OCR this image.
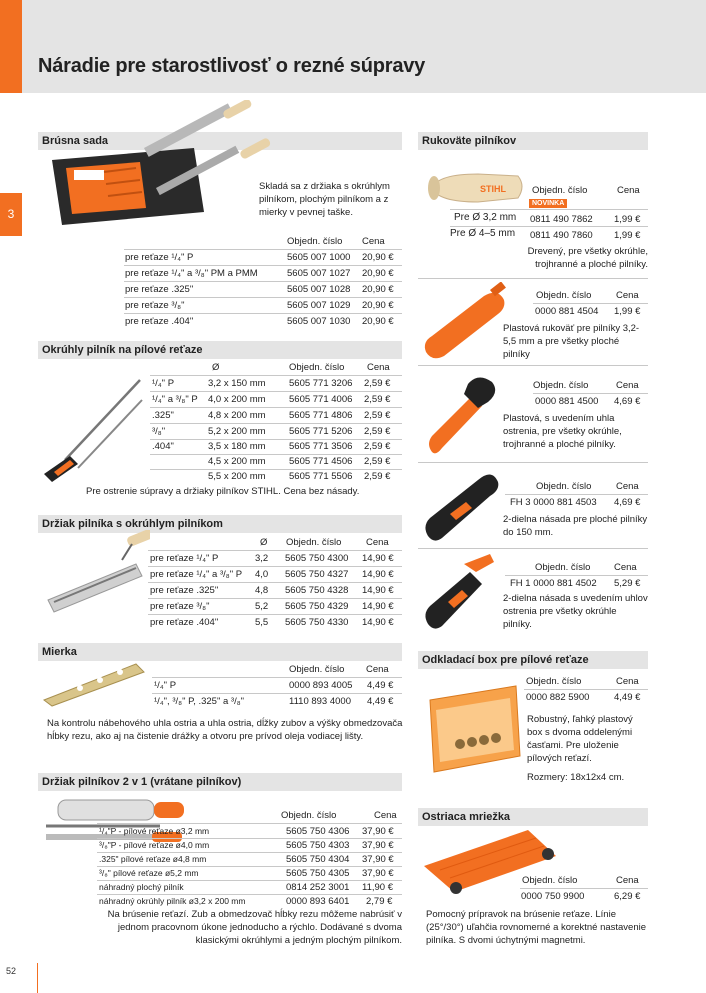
Náradie pre starostlivosť o rezné súpravy
3
52
Brúsna sada
Skladá sa z držiaka s okrúhlym pilníkom, plochým pilníkom a z mierky v pevnej taške.
Objedn. číslo Cena
pre reťaze ¹/₄" P	5605 007 1000 20,90 €
pre reťaze ¹/₄" a ³/₈" PM a PMM	5605 007 1027 20,90 €
pre reťaze .325"	5605 007 1028 20,90 €
pre reťaze ³/₈"	5605 007 1029 20,90 €
pre reťaze .404"	5605 007 1030 20,90 €
Okrúhly pilník na pílové reťaze
Ø	Objedn. číslo Cena
¹/₄" P	3,2 x 150 mm 5605 771 3206 2,59 €
¹/₄" a ³/₈" P 4,0 x 200 mm 5605 771 4006 2,59 €
.325"	4,8 x 200 mm 5605 771 4806 2,59 €
³/₈"	5,2 x 200 mm 5605 771 5206 2,59 €
.404"	3,5 x 180 mm 5605 771 3506 2,59 €
4,5 x 200 mm 5605 771 4506 2,59 €
5,5 x 200 mm 5605 771 5506 2,59 €
Pre ostrenie súpravy a držiaky pilníkov STIHL. Cena bez násady.
Držiak pilníka s okrúhlym pilníkom
Ø Objedn. číslo	Cena
pre reťaze ¹/₄" P	3,2 5605 750 4300 14,90 €
pre reťaze ¹/₄" a ³/₈" P 4,0 5605 750 4327 14,90 €
pre reťaze .325"	4,8 5605 750 4328 14,90 €
pre reťaze ³/₈"	5,2 5605 750 4329 14,90 €
pre reťaze .404"	5,5 5605 750 4330 14,90 €
Mierka
Objedn. číslo Cena
¹/₄" P	0000 893 4005 4,49 €
¹/₄", ³/₈" P, .325" a ³/₈"	1110 893 4000 4,49 €
Na kontrolu nábehového uhla ostria a uhla ostria, dĺžky zubov a výšky obmedzovača hĺbky rezu, ako aj na čistenie drážky a otvoru pre prívod oleja vodiacej lišty.
Držiak pilníkov 2 v 1 (vrátane pilníkov)
Objedn. číslo	Cena
¹/₄"P - pílové reťaze ø3,2 mm	5605 750 4306 37,90 €
³/₈"P - pílové reťaze ø4,0 mm	5605 750 4303 37,90 €
.325" pílové reťaze ø4,8 mm	5605 750 4304 37,90 €
³/₈" pílové reťaze ø5,2 mm	5605 750 4305 37,90 €
náhradný plochý pilník	0814 252 3001 11,90 €
náhradný okrúhly pilník ø3,2 x 200 mm	0000 893 6401 2,79 €
Na brúsenie reťazí. Zub a obmedzovač hĺbky rezu môžeme nabrúsiť v jednom pracovnom úkone jednoducho a rýchlo. Dodávané s dvoma klasickými okrúhlymi a jedným plochým pilníkom.
Rukoväte pilníkov
STIHL	Objedn. číslo	Cena
NOVINKA
Pre Ø 3,2 mm 0811 490 7862 1,99 €
Pre Ø 4–5 mm 0811 490 7860 1,99 €
Drevený, pre všetky okrúhle, trojhranné a ploché pilníky.
Objedn. číslo	Cena
0000 881 4504 1,99 €
Plastová rukoväť pre pilníky 3,2-5,5 mm a pre všetky ploché pilníky
Objedn. číslo	Cena
0000 881 4500 4,69 €
Plastová, s uvedením uhla ostrenia, pre všetky okrúhle, trojhranné a ploché pilníky.
Objedn. číslo	Cena
FH 3 0000 881 4503 4,69 €
2-dielna násada pre ploché pilníky do 150 mm.
Objedn. číslo Cena
FH 1 0000 881 4502 5,29 €
2-dielna násada s uvedením uhlov ostrenia pre všetky okrúhle pilníky.
Odkladací box pre pílové reťaze
Objedn. číslo	Cena
0000 882 5900	4,49 €
Robustný, ľahký plastový box s dvoma oddelenými časťami. Pre uloženie pílových reťazí.
Rozmery: 18x12x4 cm.
Ostriaca mriežka
Objedn. číslo	Cena
0000 750 9900	6,29 €
Pomocný prípravok na brúsenie reťaze. Línie (25°/30°) uľahčia rovnomerné a korektné nastavenie pilníka. S dvomi úchytnými magnetmi.
